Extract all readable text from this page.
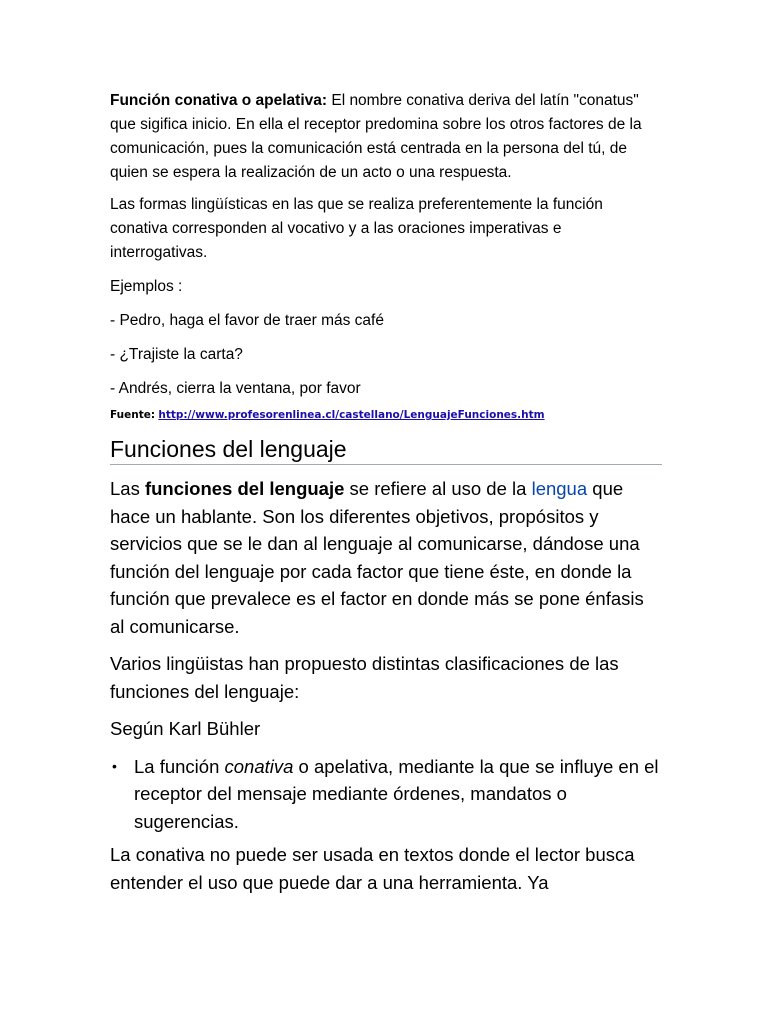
Función conativa o apelativa: El nombre conativa deriva del latín "conatus" que sigifica inicio. En ella el receptor predomina sobre los otros factores de la comunicación, pues la comunicación está centrada en la persona del tú, de quien se espera la realización de un acto o una respuesta.

Las formas lingüísticas en las que se realiza preferentemente la función conativa corresponden al vocativo y a las oraciones imperativas e interrogativas.

Ejemplos :

- Pedro, haga el favor de traer más café

- ¿Trajiste la carta?

- Andrés, cierra la ventana, por favor

Fuente: http://www.profesorenlinea.cl/castellano/LenguajeFunciones.htm
Funciones del lenguaje

Las funciones del lenguaje se refiere al uso de la lengua que hace un hablante. Son los diferentes objetivos, propósitos y servicios que se le dan al lenguaje al comunicarse, dándose una función del lenguaje por cada factor que tiene éste, en donde la función que prevalece es el factor en donde más se pone énfasis al comunicarse.

Varios lingüistas han propuesto distintas clasificaciones de las funciones del lenguaje:

Según Karl Bühler

• La función conativa o apelativa, mediante la que se influye en el receptor del mensaje mediante órdenes, mandatos o sugerencias.

La conativa no puede ser usada en textos donde el lector busca entender el uso que puede dar a una herramienta. Ya
